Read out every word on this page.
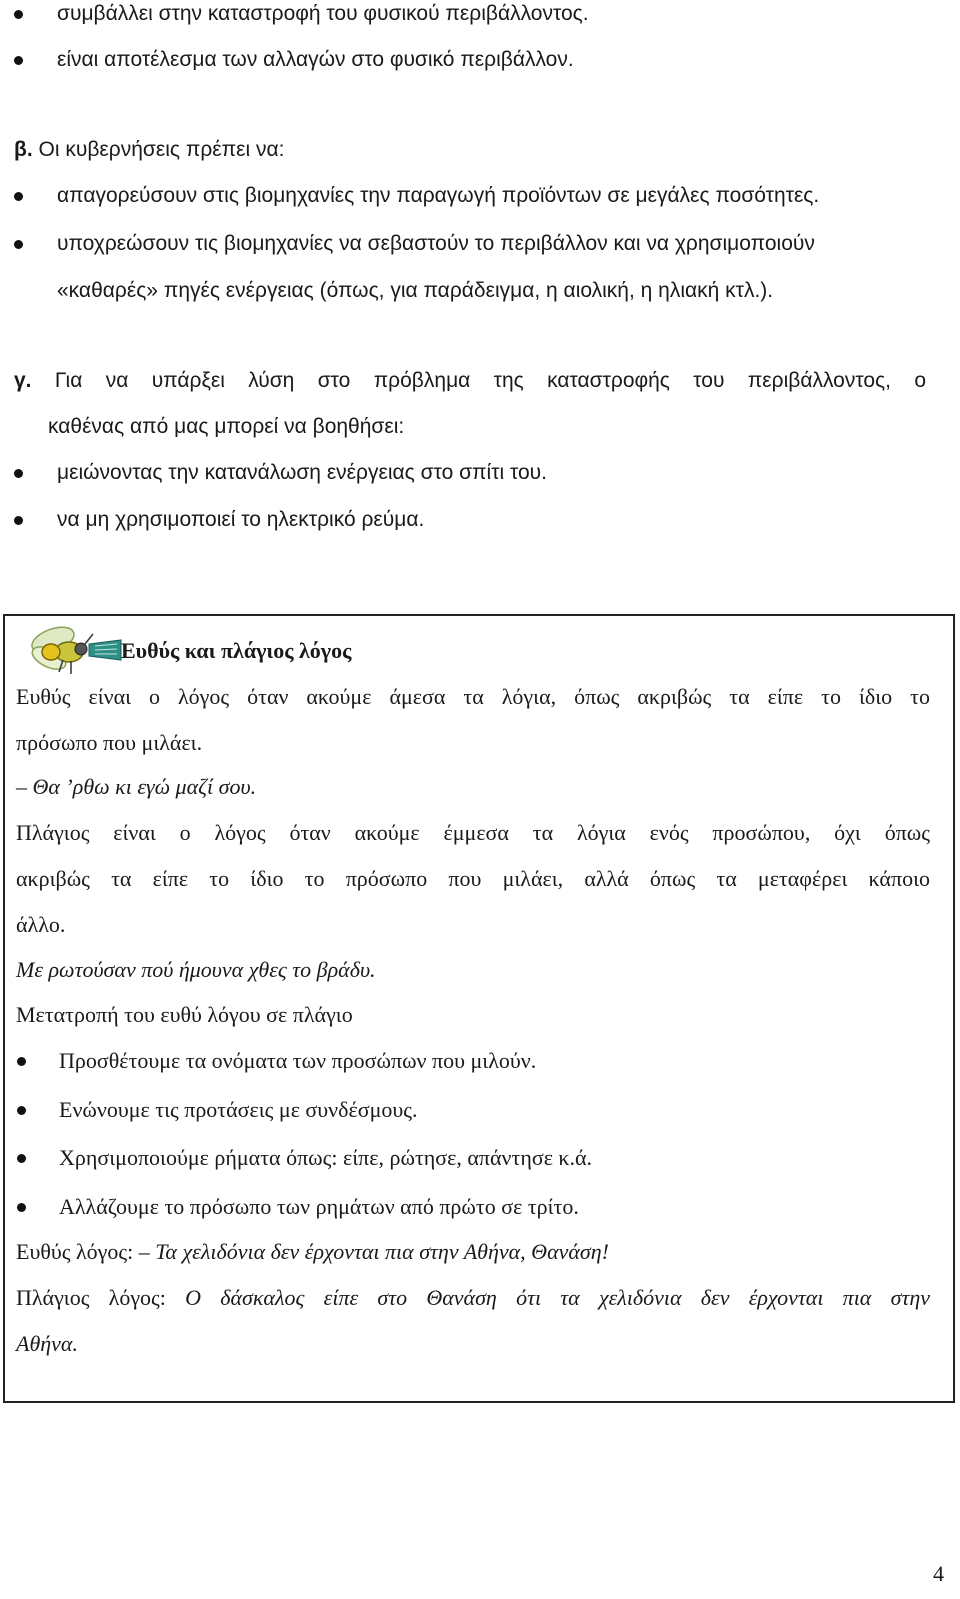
συμβάλλει στην καταστροφή του φυσικού περιβάλλοντος.
είναι αποτέλεσμα των αλλαγών στο φυσικό περιβάλλον.
β. Οι κυβερνήσεις πρέπει να:
απαγορεύσουν στις βιομηχανίες την παραγωγή προϊόντων σε μεγάλες ποσότητες.
υποχρεώσουν τις βιομηχανίες να σεβαστούν το περιβάλλον και να χρησιμοποιούν
«καθαρές» πηγές ενέργειας (όπως, για παράδειγμα, η αιολική, η ηλιακή κτλ.).
γ. Για να υπάρξει λύση στο πρόβλημα της καταστροφής του περιβάλλοντος, ο
καθένας από μας μπορεί να βοηθήσει:
μειώνοντας την κατανάλωση ενέργειας στο σπίτι του.
να μη χρησιμοποιεί το ηλεκτρικό ρεύμα.
Ευθύς και πλάγιος λόγος
Ευθύς είναι ο λόγος όταν ακούμε άμεσα τα λόγια, όπως ακριβώς τα είπε το ίδιο το
πρόσωπο που μιλάει.
– Θα ’ρθω κι εγώ μαζί σου.
Πλάγιος είναι ο λόγος όταν ακούμε έμμεσα τα λόγια ενός προσώπου, όχι όπως
ακριβώς τα είπε το ίδιο το πρόσωπο που μιλάει, αλλά όπως τα μεταφέρει κάποιο
άλλο.
Με ρωτούσαν πού ήμουνα χθες το βράδυ.
Μετατροπή του ευθύ λόγου σε πλάγιο
Προσθέτουμε τα ονόματα των προσώπων που μιλούν.
Ενώνουμε τις προτάσεις με συνδέσμους.
Χρησιμοποιούμε ρήματα όπως: είπε, ρώτησε, απάντησε κ.ά.
Αλλάζουμε το πρόσωπο των ρημάτων από πρώτο σε τρίτο.
Ευθύς λόγος: – Τα χελιδόνια δεν έρχονται πια στην Αθήνα, Θανάση!
Πλάγιος λόγος: Ο δάσκαλος είπε στο Θανάση ότι τα χελιδόνια δεν έρχονται πια στην
Αθήνα.
4
